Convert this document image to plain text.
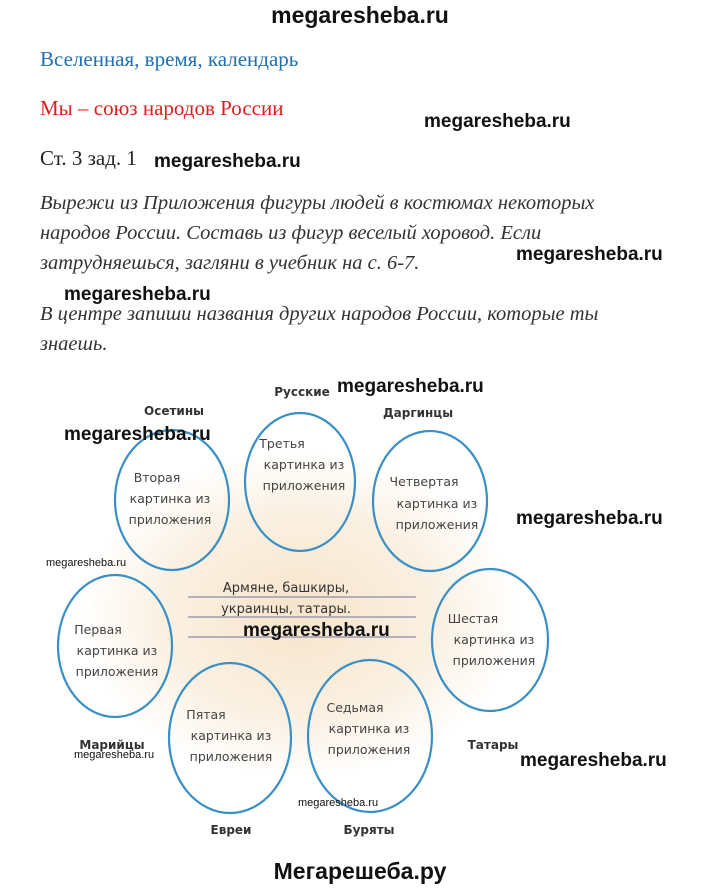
megaresheba.ru
Вселенная, время, календарь
Мы – союз народов России
Ст. 3 зад. 1
Вырежи из Приложения фигуры людей в костюмах некоторых
народов России. Составь из фигур веселый хоровод. Если
затрудняешься, загляни в учебник на с. 6-7.
В центре запиши названия других народов России, которые ты
знаешь.
Армяне, башкиры,
украинцы, татары.
Русские
Третья
картинка из
приложения
Осетины
Вторая
картинка из
приложения
Даргинцы
Четвертая
картинка из
приложения
Марийцы
Первая
картинка из
приложения
Татары
Шестая
картинка из
приложения
Евреи
Пятая
картинка из
приложения
Буряты
Седьмая
картинка из
приложения
megaresheba.ru
megaresheba.ru
megaresheba.ru
megaresheba.ru
megaresheba.ru
megaresheba.ru
megaresheba.ru
megaresheba.ru
megaresheba.ru
megaresheba.ru	megaresheba.ru
megaresheba.ru
Мегарешеба.ру
